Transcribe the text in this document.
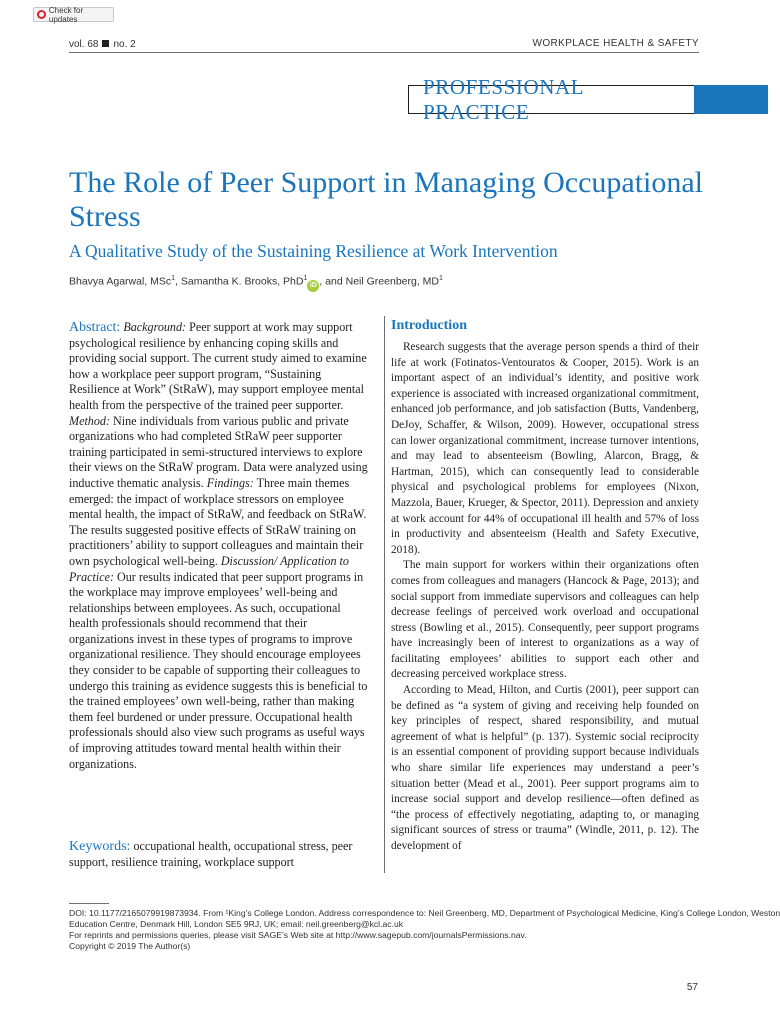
Check for updates
vol. 68 no. 2	WORKPLACE HEALTH & SAFETY
PROFESSIONAL PRACTICE
The Role of Peer Support in Managing Occupational Stress
A Qualitative Study of the Sustaining Resilience at Work Intervention
Bhavya Agarwal, MSc$^1$, Samantha K. Brooks, PhD$^1$iD , and Neil Greenberg, $MD^1$

Abstract: Background: Peer support at work may support psychological resilience by enhancing coping skills and providing social support. The current study aimed to examine how a workplace peer support program, “Sustaining Resilience at Work” (StRaW), may support employee mental health from the perspective of the trained peer supporter. Method: Nine individuals from various public and private organizations who had completed StRaW peer supporter training participated in semi-structured interviews to explore their views on the StRaW program. Data were analyzed using inductive thematic analysis. Findings: Three main themes emerged: the impact of workplace stressors on employee mental health, the impact of StRaW, and feedback on StRaW. The results suggested positive effects of StRaW training on practitioners’ ability to support colleagues and maintain their own psychological well-being. Discussion/ Application to Practice: Our results indicated that peer support programs in the workplace may improve employees’ well-being and relationships between employees. As such, occupational health professionals should recommend that their organizations invest in these types of programs to improve organizational resilience. They should encourage employees they consider to be capable of supporting their colleagues to undergo this training as evidence suggests this is beneficial to the trained employees’ own well-being, rather than making them feel burdened or under pressure. Occupational health professionals should also view such programs as useful ways of improving attitudes toward mental health within their organizations.

Keywords: occupational health, occupational stress, peer support, resilience training, workplace support

Introduction

Research suggests that the average person spends a third of their life at work (Fotinatos-Ventouratos & Cooper, 2015). Work is an important aspect of an individual’s identity, and positive work experience is associated with increased organizational commitment, enhanced job performance, and job satisfaction (Butts, Vandenberg, DeJoy, Schaffer, & Wilson, 2009). However, occupational stress can lower organizational commitment, increase turnover intentions, and may lead to absenteeism (Bowling, Alarcon, Bragg, & Hartman, 2015), which can consequently lead to considerable physical and psychological problems for employees (Nixon, Mazzola, Bauer, Krueger, & Spector, 2011). Depression and anxiety at work account for 44% of occupational ill health and 57% of loss in productivity and absenteeism (Health and Safety Executive, 2018).

The main support for workers within their organizations often comes from colleagues and managers (Hancock & Page, 2013); and social support from immediate supervisors and colleagues can help decrease feelings of perceived work overload and occupational stress (Bowling et al., 2015). Consequently, peer support programs have increasingly been of interest to organizations as a way of facilitating employees’ abilities to support each other and decreasing perceived workplace stress.

According to Mead, Hilton, and Curtis (2001), peer support can be defined as “a system of giving and receiving help founded on key principles of respect, shared responsibility, and mutual agreement of what is helpful” (p. 137). Systemic social reciprocity is an essential component of providing support because individuals who share similar life experiences may understand a peer’s situation better (Mead et al., 2001). Peer support programs aim to increase social support and develop resilience—often defined as “the process of effectively negotiating, adapting to, or managing significant sources of stress or trauma” (Windle, 2011, p. 12). The development of

DOI: 10.1177/2165079919873934. From ¹King’s College London. Address correspondence to: Neil Greenberg, MD, Department of Psychological Medicine, King’s College London, Weston
Education Centre, Denmark Hill, London SE5 9RJ, UK; email: neil.greenberg@kcl.ac.uk
For reprints and permissions queries, please visit SAGE’s Web site at http://www.sagepub.com/journalsPermissions.nav.
Copyright © 2019 The Author(s)
57
